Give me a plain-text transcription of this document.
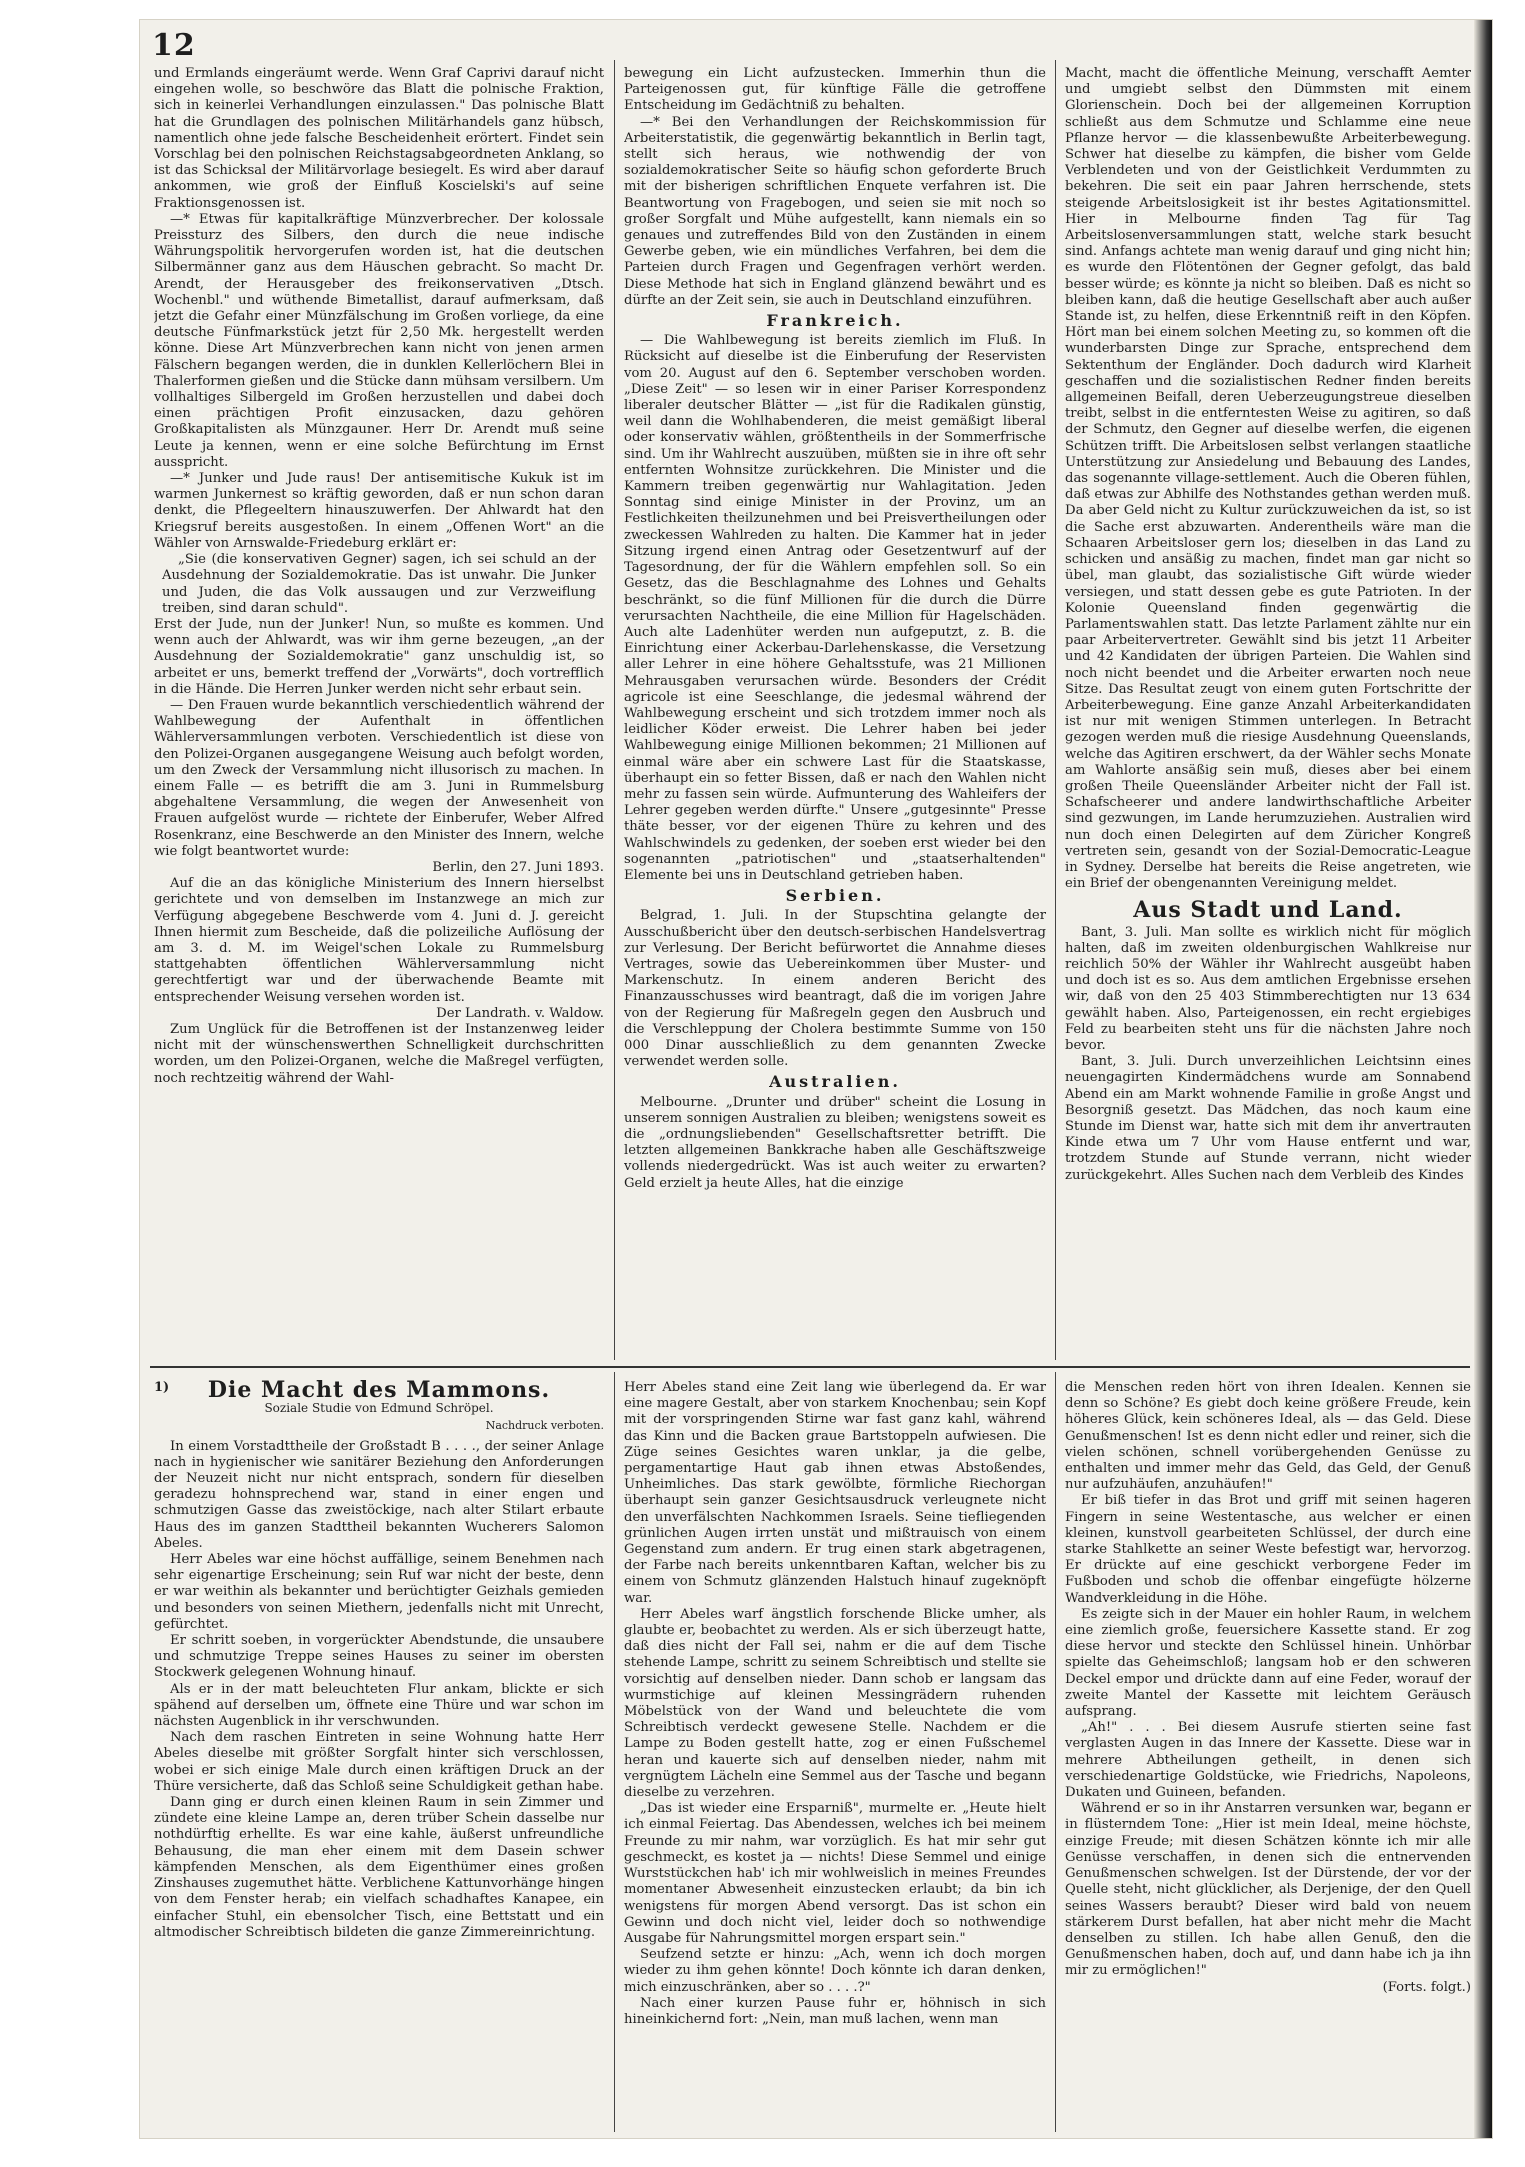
12

und Ermlands eingeräumt werde. Wenn Graf Caprivi darauf nicht eingehen wolle, so beschwöre das Blatt die polnische Fraktion, sich in keinerlei Verhandlungen einzulassen." Das polnische Blatt hat die Grundlagen des polnischen Militärhandels ganz hübsch, namentlich ohne jede falsche Bescheidenheit erörtert. Findet sein Vorschlag bei den polnischen Reichstagsabgeordneten Anklang, so ist das Schicksal der Militärvorlage besiegelt. Es wird aber darauf ankommen, wie groß der Einfluß Koscielski's auf seine Fraktionsgenossen ist.

—* Etwas für kapitalkräftige Münzverbrecher. Der kolossale Preissturz des Silbers, den durch die neue indische Währungspolitik hervorgerufen worden ist, hat die deutschen Silbermänner ganz aus dem Häuschen gebracht. So macht Dr. Arendt, der Herausgeber des freikonservativen „Dtsch. Wochenbl." und wüthende Bimetallist, darauf aufmerksam, daß jetzt die Gefahr einer Münzfälschung im Großen vorliege, da eine deutsche Fünfmarkstück jetzt für 2,50 Mk. hergestellt werden könne. Diese Art Münzverbrechen kann nicht von jenen armen Fälschern begangen werden, die in dunklen Kellerlöchern Blei in Thalerformen gießen und die Stücke dann mühsam versilbern. Um vollhaltiges Silbergeld im Großen herzustellen und dabei doch einen prächtigen Profit einzusacken, dazu gehören Großkapitalisten als Münzgauner. Herr Dr. Arendt muß seine Leute ja kennen, wenn er eine solche Befürchtung im Ernst ausspricht.

—* Junker und Jude raus! Der antisemitische Kukuk ist im warmen Junkernest so kräftig geworden, daß er nun schon daran denkt, die Pflegeeltern hinauszuwerfen. Der Ahlwardt hat den Kriegsruf bereits ausgestoßen. In einem „Offenen Wort" an die Wähler von Arnswalde-Friedeburg erklärt er:

„Sie (die konservativen Gegner) sagen, ich sei schuld an der Ausdehnung der Sozialdemokratie. Das ist unwahr. Die Junker und Juden, die das Volk aussaugen und zur Verzweiflung treiben, sind daran schuld".

Erst der Jude, nun der Junker! Nun, so mußte es kommen. Und wenn auch der Ahlwardt, was wir ihm gerne bezeugen, „an der Ausdehnung der Sozialdemokratie" ganz unschuldig ist, so arbeitet er uns, bemerkt treffend der „Vorwärts", doch vortrefflich in die Hände. Die Herren Junker werden nicht sehr erbaut sein.

— Den Frauen wurde bekanntlich verschiedentlich während der Wahlbewegung der Aufenthalt in öffentlichen Wählerversammlungen verboten. Verschiedentlich ist diese von den Polizei-Organen ausgegangene Weisung auch befolgt worden, um den Zweck der Versammlung nicht illusorisch zu machen. In einem Falle — es betrifft die am 3. Juni in Rummelsburg abgehaltene Versammlung, die wegen der Anwesenheit von Frauen aufgelöst wurde — richtete der Einberufer, Weber Alfred Rosenkranz, eine Beschwerde an den Minister des Innern, welche wie folgt beantwortet wurde:

Berlin, den 27. Juni 1893.

Auf die an das königliche Ministerium des Innern hierselbst gerichtete und von demselben im Instanzwege an mich zur Verfügung abgegebene Beschwerde vom 4. Juni d. J. gereicht Ihnen hiermit zum Bescheide, daß die polizeiliche Auflösung der am 3. d. M. im Weigel'schen Lokale zu Rummelsburg stattgehabten öffentlichen Wählerversammlung nicht gerechtfertigt war und der überwachende Beamte mit entsprechender Weisung versehen worden ist.

Der Landrath. v. Waldow.

Zum Unglück für die Betroffenen ist der Instanzenweg leider nicht mit der wünschenswerthen Schnelligkeit durchschritten worden, um den Polizei-Organen, welche die Maßregel verfügten, noch rechtzeitig während der Wahl-

bewegung ein Licht aufzustecken. Immerhin thun die Parteigenossen gut, für künftige Fälle die getroffene Entscheidung im Gedächtniß zu behalten.

—* Bei den Verhandlungen der Reichskommission für Arbeiterstatistik, die gegenwärtig bekanntlich in Berlin tagt, stellt sich heraus, wie nothwendig der von sozialdemokratischer Seite so häufig schon geforderte Bruch mit der bisherigen schriftlichen Enquete verfahren ist. Die Beantwortung von Fragebogen, und seien sie mit noch so großer Sorgfalt und Mühe aufgestellt, kann niemals ein so genaues und zutreffendes Bild von den Zuständen in einem Gewerbe geben, wie ein mündliches Verfahren, bei dem die Parteien durch Fragen und Gegenfragen verhört werden. Diese Methode hat sich in England glänzend bewährt und es dürfte an der Zeit sein, sie auch in Deutschland einzuführen.

Frankreich.

— Die Wahlbewegung ist bereits ziemlich im Fluß. In Rücksicht auf dieselbe ist die Einberufung der Reservisten vom 20. August auf den 6. September verschoben worden. „Diese Zeit" — so lesen wir in einer Pariser Korrespondenz liberaler deutscher Blätter — „ist für die Radikalen günstig, weil dann die Wohlhabenderen, die meist gemäßigt liberal oder konservativ wählen, größtentheils in der Sommerfrische sind. Um ihr Wahlrecht auszuüben, müßten sie in ihre oft sehr entfernten Wohnsitze zurückkehren. Die Minister und die Kammern treiben gegenwärtig nur Wahlagitation. Jeden Sonntag sind einige Minister in der Provinz, um an Festlichkeiten theilzunehmen und bei Preisvertheilungen oder zweckessen Wahlreden zu halten. Die Kammer hat in jeder Sitzung irgend einen Antrag oder Gesetzentwurf auf der Tagesordnung, der für die Wählern empfehlen soll. So ein Gesetz, das die Beschlagnahme des Lohnes und Gehalts beschränkt, so die fünf Millionen für die durch die Dürre verursachten Nachtheile, die eine Million für Hagelschäden. Auch alte Ladenhüter werden nun aufgeputzt, z. B. die Einrichtung einer Ackerbau-Darlehenskasse, die Versetzung aller Lehrer in eine höhere Gehaltsstufe, was 21 Millionen Mehrausgaben verursachen würde. Besonders der Crédit agricole ist eine Seeschlange, die jedesmal während der Wahlbewegung erscheint und sich trotzdem immer noch als leidlicher Köder erweist. Die Lehrer haben bei jeder Wahlbewegung einige Millionen bekommen; 21 Millionen auf einmal wäre aber ein schwere Last für die Staatskasse, überhaupt ein so fetter Bissen, daß er nach den Wahlen nicht mehr zu fassen sein würde. Aufmunterung des Wahleifers der Lehrer gegeben werden dürfte." Unsere „gutgesinnte" Presse thäte besser, vor der eigenen Thüre zu kehren und des Wahlschwindels zu gedenken, der soeben erst wieder bei den sogenannten „patriotischen" und „staatserhaltenden" Elemente bei uns in Deutschland getrieben haben.

Serbien.

Belgrad, 1. Juli. In der Stupschtina gelangte der Ausschußbericht über den deutsch-serbischen Handelsvertrag zur Verlesung. Der Bericht befürwortet die Annahme dieses Vertrages, sowie das Uebereinkommen über Muster- und Markenschutz. In einem anderen Bericht des Finanzausschusses wird beantragt, daß die im vorigen Jahre von der Regierung für Maßregeln gegen den Ausbruch und die Verschleppung der Cholera bestimmte Summe von 150 000 Dinar ausschließlich zu dem genannten Zwecke verwendet werden solle.

Australien.

Melbourne. „Drunter und drüber" scheint die Losung in unserem sonnigen Australien zu bleiben; wenigstens soweit es die „ordnungsliebenden" Gesellschaftsretter betrifft. Die letzten allgemeinen Bankkrache haben alle Geschäftszweige vollends niedergedrückt. Was ist auch weiter zu erwarten? Geld erzielt ja heute Alles, hat die einzige

Macht, macht die öffentliche Meinung, verschafft Aemter und umgiebt selbst den Dümmsten mit einem Glorienschein. Doch bei der allgemeinen Korruption schließt aus dem Schmutze und Schlamme eine neue Pflanze hervor — die klassenbewußte Arbeiterbewegung. Schwer hat dieselbe zu kämpfen, die bisher vom Gelde Verblendeten und von der Geistlichkeit Verdummten zu bekehren. Die seit ein paar Jahren herrschende, stets steigende Arbeitslosigkeit ist ihr bestes Agitationsmittel. Hier in Melbourne finden Tag für Tag Arbeitslosenversammlungen statt, welche stark besucht sind. Anfangs achtete man wenig darauf und ging nicht hin; es wurde den Flötentönen der Gegner gefolgt, das bald besser würde; es könnte ja nicht so bleiben. Daß es nicht so bleiben kann, daß die heutige Gesellschaft aber auch außer Stande ist, zu helfen, diese Erkenntniß reift in den Köpfen. Hört man bei einem solchen Meeting zu, so kommen oft die wunderbarsten Dinge zur Sprache, entsprechend dem Sektenthum der Engländer. Doch dadurch wird Klarheit geschaffen und die sozialistischen Redner finden bereits allgemeinen Beifall, deren Ueberzeugungstreue dieselben treibt, selbst in die entferntesten Weise zu agitiren, so daß der Schmutz, den Gegner auf dieselbe werfen, die eigenen Schützen trifft. Die Arbeitslosen selbst verlangen staatliche Unterstützung zur Ansiedelung und Bebauung des Landes, das sogenannte village-settlement. Auch die Oberen fühlen, daß etwas zur Abhilfe des Nothstandes gethan werden muß. Da aber Geld nicht zu Kultur zurückzuweichen da ist, so ist die Sache erst abzuwarten. Anderentheils wäre man die Schaaren Arbeitsloser gern los; dieselben in das Land zu schicken und ansäßig zu machen, findet man gar nicht so übel, man glaubt, das sozialistische Gift würde wieder versiegen, und statt dessen gebe es gute Patrioten. In der Kolonie Queensland finden gegenwärtig die Parlamentswahlen statt. Das letzte Parlament zählte nur ein paar Arbeitervertreter. Gewählt sind bis jetzt 11 Arbeiter und 42 Kandidaten der übrigen Parteien. Die Wahlen sind noch nicht beendet und die Arbeiter erwarten noch neue Sitze. Das Resultat zeugt von einem guten Fortschritte der Arbeiterbewegung. Eine ganze Anzahl Arbeiterkandidaten ist nur mit wenigen Stimmen unterlegen. In Betracht gezogen werden muß die riesige Ausdehnung Queenslands, welche das Agitiren erschwert, da der Wähler sechs Monate am Wahlorte ansäßig sein muß, dieses aber bei einem großen Theile Queensländer Arbeiter nicht der Fall ist. Schafscheerer und andere landwirthschaftliche Arbeiter sind gezwungen, im Lande herumzuziehen. Australien wird nun doch einen Delegirten auf dem Züricher Kongreß vertreten sein, gesandt von der Sozial-Democratic-League in Sydney. Derselbe hat bereits die Reise angetreten, wie ein Brief der obengenannten Vereinigung meldet.

Aus Stadt und Land.

Bant, 3. Juli. Man sollte es wirklich nicht für möglich halten, daß im zweiten oldenburgischen Wahlkreise nur reichlich 50% der Wähler ihr Wahlrecht ausgeübt haben und doch ist es so. Aus dem amtlichen Ergebnisse ersehen wir, daß von den 25 403 Stimmberechtigten nur 13 634 gewählt haben. Also, Parteigenossen, ein recht ergiebiges Feld zu bearbeiten steht uns für die nächsten Jahre noch bevor.

Bant, 3. Juli. Durch unverzeihlichen Leichtsinn eines neuengagirten Kindermädchens wurde am Sonnabend Abend ein am Markt wohnende Familie in große Angst und Besorgniß gesetzt. Das Mädchen, das noch kaum eine Stunde im Dienst war, hatte sich mit dem ihr anvertrauten Kinde etwa um 7 Uhr vom Hause entfernt und war, trotzdem Stunde auf Stunde verrann, nicht wieder zurückgekehrt. Alles Suchen nach dem Verbleib des Kindes

1)	Die Macht des Mammons.
Soziale Studie von Edmund Schröpel.
Nachdruck verboten.

In einem Vorstadttheile der Großstadt B . . . ., der seiner Anlage nach in hygienischer wie sanitärer Beziehung den Anforderungen der Neuzeit nicht nur nicht entsprach, sondern für dieselben geradezu hohnsprechend war, stand in einer engen und schmutzigen Gasse das zweistöckige, nach alter Stilart erbaute Haus des im ganzen Stadttheil bekannten Wucherers Salomon Abeles.

Herr Abeles war eine höchst auffällige, seinem Benehmen nach sehr eigenartige Erscheinung; sein Ruf war nicht der beste, denn er war weithin als bekannter und berüchtigter Geizhals gemieden und besonders von seinen Miethern, jedenfalls nicht mit Unrecht, gefürchtet.

Er schritt soeben, in vorgerückter Abendstunde, die unsaubere und schmutzige Treppe seines Hauses zu seiner im obersten Stockwerk gelegenen Wohnung hinauf.

Als er in der matt beleuchteten Flur ankam, blickte er sich spähend auf derselben um, öffnete eine Thüre und war schon im nächsten Augenblick in ihr verschwunden.

Nach dem raschen Eintreten in seine Wohnung hatte Herr Abeles dieselbe mit größter Sorgfalt hinter sich verschlossen, wobei er sich einige Male durch einen kräftigen Druck an der Thüre versicherte, daß das Schloß seine Schuldigkeit gethan habe.

Dann ging er durch einen kleinen Raum in sein Zimmer und zündete eine kleine Lampe an, deren trüber Schein dasselbe nur nothdürftig erhellte. Es war eine kahle, äußerst unfreundliche Behausung, die man eher einem mit dem Dasein schwer kämpfenden Menschen, als dem Eigenthümer eines großen Zinshauses zugemuthet hätte. Verblichene Kattunvorhänge hingen von dem Fenster herab; ein vielfach schadhaftes Kanapee, ein einfacher Stuhl, ein ebensolcher Tisch, eine Bettstatt und ein altmodischer Schreibtisch bildeten die ganze Zimmereinrichtung.

Herr Abeles stand eine Zeit lang wie überlegend da. Er war eine magere Gestalt, aber von starkem Knochenbau; sein Kopf mit der vorspringenden Stirne war fast ganz kahl, während das Kinn und die Backen graue Bartstoppeln aufwiesen. Die Züge seines Gesichtes waren unklar, ja die gelbe, pergamentartige Haut gab ihnen etwas Abstoßendes, Unheimliches. Das stark gewölbte, förmliche Riechorgan überhaupt sein ganzer Gesichtsausdruck verleugnete nicht den unverfälschten Nachkommen Israels. Seine tiefliegenden grünlichen Augen irrten unstät und mißtrauisch von einem Gegenstand zum andern. Er trug einen stark abgetragenen, der Farbe nach bereits unkenntbaren Kaftan, welcher bis zu einem von Schmutz glänzenden Halstuch hinauf zugeknöpft war.

Herr Abeles warf ängstlich forschende Blicke umher, als glaubte er, beobachtet zu werden. Als er sich überzeugt hatte, daß dies nicht der Fall sei, nahm er die auf dem Tische stehende Lampe, schritt zu seinem Schreibtisch und stellte sie vorsichtig auf denselben nieder. Dann schob er langsam das wurmstichige auf kleinen Messingrädern ruhenden Möbelstück von der Wand und beleuchtete die vom Schreibtisch verdeckt gewesene Stelle. Nachdem er die Lampe zu Boden gestellt hatte, zog er einen Fußschemel heran und kauerte sich auf denselben nieder, nahm mit vergnügtem Lächeln eine Semmel aus der Tasche und begann dieselbe zu verzehren.

„Das ist wieder eine Ersparniß", murmelte er. „Heute hielt ich einmal Feiertag. Das Abendessen, welches ich bei meinem Freunde zu mir nahm, war vorzüglich. Es hat mir sehr gut geschmeckt, es kostet ja — nichts! Diese Semmel und einige Wurststückchen hab' ich mir wohlweislich in meines Freundes momentaner Abwesenheit einzustecken erlaubt; da bin ich wenigstens für morgen Abend versorgt. Das ist schon ein Gewinn und doch nicht viel, leider doch so nothwendige Ausgabe für Nahrungsmittel morgen erspart sein."

Seufzend setzte er hinzu: „Ach, wenn ich doch morgen wieder zu ihm gehen könnte! Doch könnte ich daran denken, mich einzuschränken, aber so . . . .?"

Nach einer kurzen Pause fuhr er, höhnisch in sich hineinkichernd fort: „Nein, man muß lachen, wenn man

die Menschen reden hört von ihren Idealen. Kennen sie denn so Schöne? Es giebt doch keine größere Freude, kein höheres Glück, kein schöneres Ideal, als — das Geld. Diese Genußmenschen! Ist es denn nicht edler und reiner, sich die vielen schönen, schnell vorübergehenden Genüsse zu enthalten und immer mehr das Geld, das Geld, der Genuß nur aufzuhäufen, anzuhäufen!"

Er biß tiefer in das Brot und griff mit seinen hageren Fingern in seine Westentasche, aus welcher er einen kleinen, kunstvoll gearbeiteten Schlüssel, der durch eine starke Stahlkette an seiner Weste befestigt war, hervorzog. Er drückte auf eine geschickt verborgene Feder im Fußboden und schob die offenbar eingefügte hölzerne Wandverkleidung in die Höhe.

Es zeigte sich in der Mauer ein hohler Raum, in welchem eine ziemlich große, feuersichere Kassette stand. Er zog diese hervor und steckte den Schlüssel hinein. Unhörbar spielte das Geheimschloß; langsam hob er den schweren Deckel empor und drückte dann auf eine Feder, worauf der zweite Mantel der Kassette mit leichtem Geräusch aufsprang.

„Ah!" . . . Bei diesem Ausrufe stierten seine fast verglasten Augen in das Innere der Kassette. Diese war in mehrere Abtheilungen getheilt, in denen sich verschiedenartige Goldstücke, wie Friedrichs, Napoleons, Dukaten und Guineen, befanden.

Während er so in ihr Anstarren versunken war, begann er in flüsterndem Tone: „Hier ist mein Ideal, meine höchste, einzige Freude; mit diesen Schätzen könnte ich mir alle Genüsse verschaffen, in denen sich die entnervenden Genußmenschen schwelgen. Ist der Dürstende, der vor der Quelle steht, nicht glücklicher, als Derjenige, der den Quell seines Wassers beraubt? Dieser wird bald von neuem stärkerem Durst befallen, hat aber nicht mehr die Macht denselben zu stillen. Ich habe allen Genuß, den die Genußmenschen haben, doch auf, und dann habe ich ja ihn mir zu ermöglichen!"

(Forts. folgt.)
